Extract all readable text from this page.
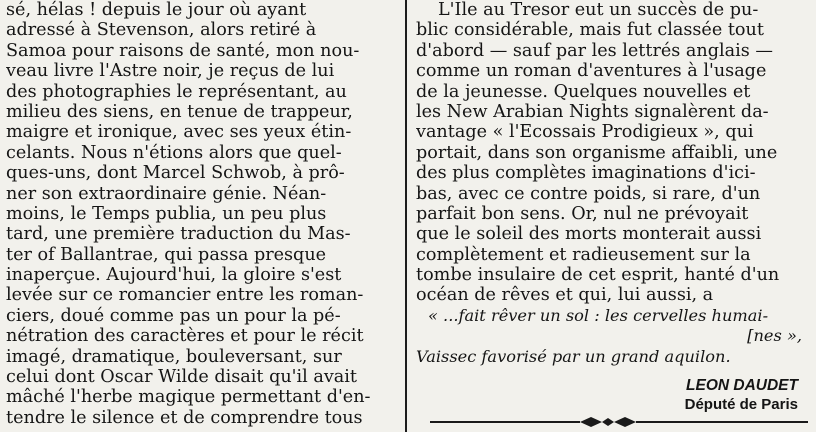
sé, hélas ! depuis le jour où ayant
adressé à Stevenson, alors retiré à
Samoa pour raisons de santé, mon nou-
veau livre l'Astre noir, je reçus de lui
des photographies le représentant, au
milieu des siens, en tenue de trappeur,
maigre et ironique, avec ses yeux étin-
celants. Nous n'étions alors que quel-
ques-uns, dont Marcel Schwob, à prô-
ner son extraordinaire génie. Néan-
moins, le Temps publia, un peu plus
tard, une première traduction du Mas-
ter of Ballantrae, qui passa presque
inaperçue. Aujourd'hui, la gloire s'est
levée sur ce romancier entre les roman-
ciers, doué comme pas un pour la pé-
nétration des caractères et pour le récit
imagé, dramatique, bouleversant, sur
celui dont Oscar Wilde disait qu'il avait
mâché l'herbe magique permettant d'en-
tendre le silence et de comprendre tous
L'Ile au Tresor eut un succès de pu-
blic considérable, mais fut classée tout
d'abord — sauf par les lettrés anglais —
comme un roman d'aventures à l'usage
de la jeunesse. Quelques nouvelles et
les New Arabian Nights signalèrent da-
vantage « l'Ecossais Prodigieux », qui
portait, dans son organisme affaibli, une
des plus complètes imaginations d'ici-
bas, avec ce contre poids, si rare, d'un
parfait bon sens. Or, nul ne prévoyait
que le soleil des morts monterait aussi
complètement et radieusement sur la
tombe insulaire de cet esprit, hanté d'un
océan de rêves et qui, lui aussi, a
« ...fait rêver un sol : les cervelles humai-
[nes »,
Vaissec favorisé par un grand aquilon.
LEON DAUDET
Député de Paris
